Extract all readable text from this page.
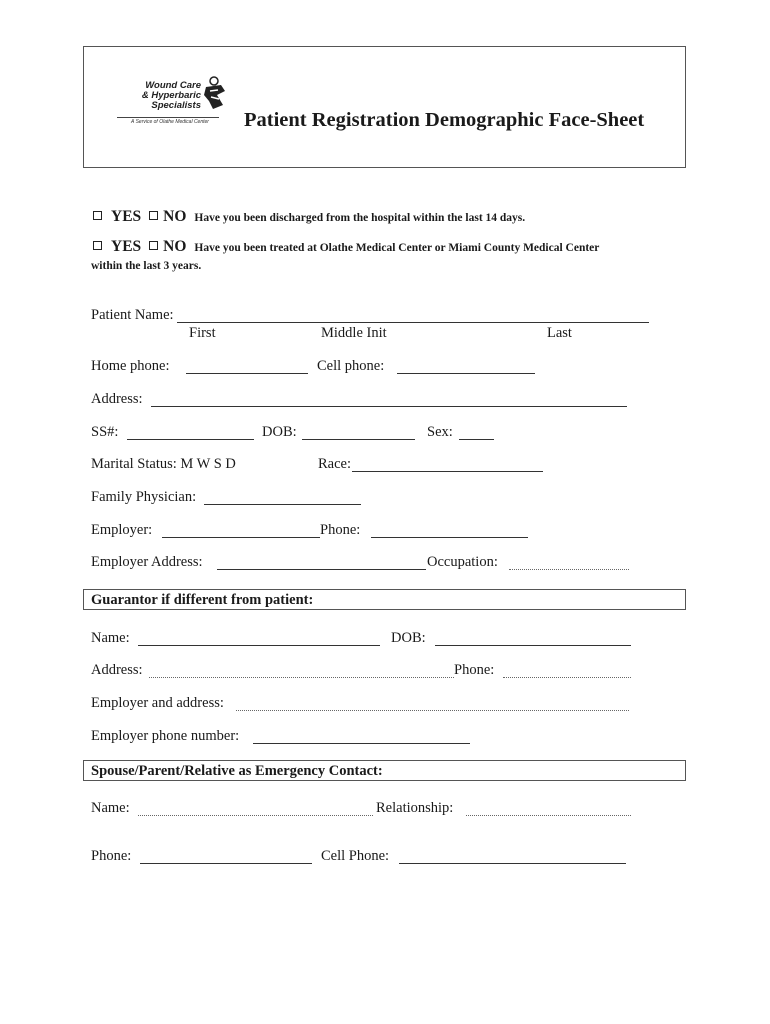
Wound Care
& Hyperbaric
Specialists
A Service of Olathe Medical Center	Patient Registration Demographic Face-Sheet
YES NO Have you been discharged from the hospital within the last 14 days.
YES NO Have you been treated at Olathe Medical Center or Miami County Medical Center
within the last 3 years.
Patient Name:
First	Middle Init	Last
Home phone:	Cell phone:
Address:
SS#:	DOB:	Sex:
Marital Status: M W S D	Race:
Family Physician:
Employer:	Phone:
Employer Address:	Occupation:
Guarantor if different from patient:
Name:	DOB:
Address:	Phone:
Employer and address:
Employer phone number:
Spouse/Parent/Relative as Emergency Contact:
Name:	Relationship:
Phone:	Cell Phone:
